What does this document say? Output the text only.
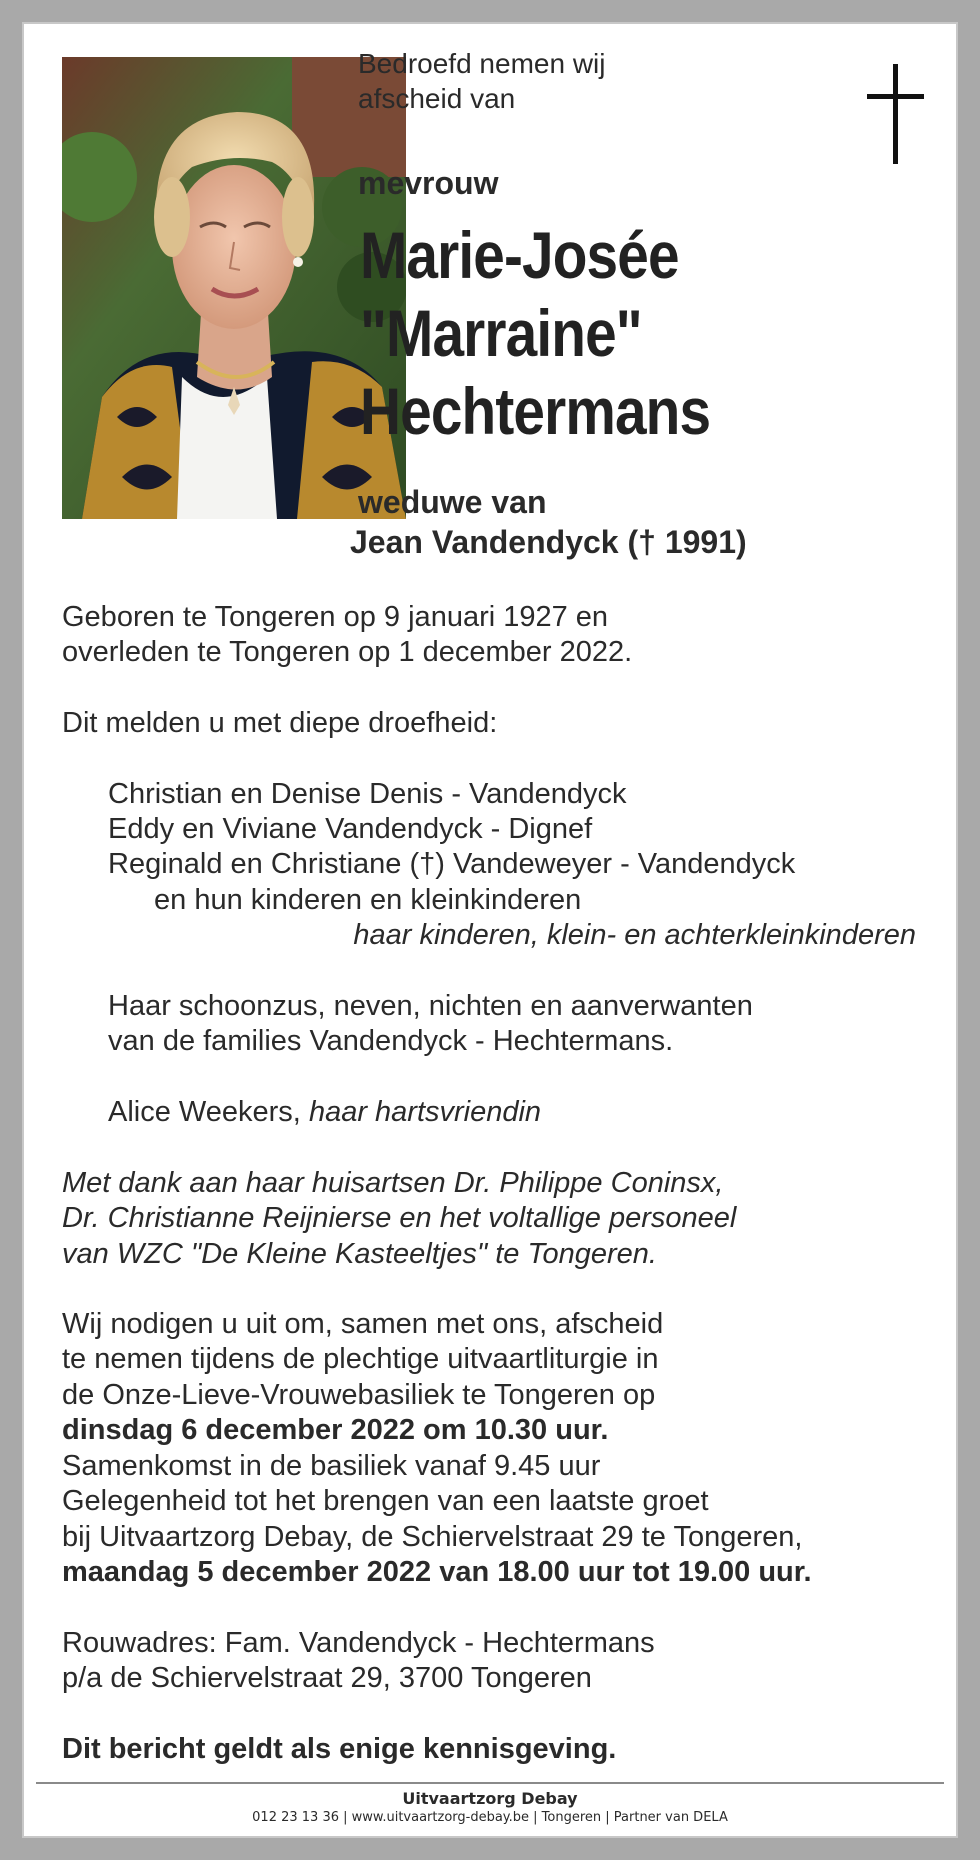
Bedroefd nemen wij
afscheid van
mevrouw
Marie-Josée
"Marraine"
Hechtermans
weduwe van
Jean Vandendyck († 1991)
Geboren te Tongeren op 9 januari 1927 en
overleden te Tongeren op 1 december 2022.
Dit melden u met diepe droefheid:
Christian en Denise Denis - Vandendyck
Eddy en Viviane Vandendyck - Dignef
Reginald en Christiane (†) Vandeweyer - Vandendyck
en hun kinderen en kleinkinderen
haar kinderen, klein- en achterkleinkinderen
Haar schoonzus, neven, nichten en aanverwanten
van de families Vandendyck - Hechtermans.
Alice Weekers, haar hartsvriendin
Met dank aan haar huisartsen Dr. Philippe Coninsx,
Dr. Christianne Reijnierse en het voltallige personeel
van WZC "De Kleine Kasteeltjes" te Tongeren.
Wij nodigen u uit om, samen met ons, afscheid
te nemen tijdens de plechtige uitvaartliturgie in
de Onze-Lieve-Vrouwebasiliek te Tongeren op
dinsdag 6 december 2022 om 10.30 uur.
Samenkomst in de basiliek vanaf 9.45 uur
Gelegenheid tot het brengen van een laatste groet
bij Uitvaartzorg Debay, de Schiervelstraat 29 te Tongeren,
maandag 5 december 2022 van 18.00 uur tot 19.00 uur.
Rouwadres: Fam. Vandendyck - Hechtermans
p/a de Schiervelstraat 29, 3700 Tongeren
Dit bericht geldt als enige kennisgeving.
Uitvaartzorg Debay
012 23 13 36 | www.uitvaartzorg-debay.be | Tongeren | Partner van DELA
